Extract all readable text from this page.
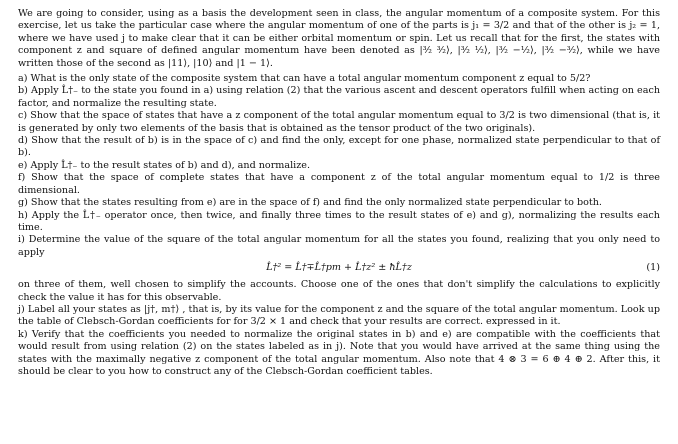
We are going to consider, using as a basis the development seen in class, the angular momentum of a composite system. For this exercise, let us take the particular case where the angular momentum of one of the parts is j₁ = 3/2 and that of the other is j₂ = 1, where we have used j to make clear that it can be either orbital momentum or spin. Let us recall that for the first, the states with component z and square of defined angular momentum have been denoted as |³⁄₂ ³⁄₂⟩, |³⁄₂ ¹⁄₂⟩, |³⁄₂ −¹⁄₂⟩, |³⁄₂ −³⁄₂⟩, while we have written those of the second as |11⟩, |10⟩ and |1 − 1⟩.

a) What is the only state of the composite system that can have a total angular momentum component z equal to 5/2?

b) Apply L̂†₋ to the state you found in a) using relation (2) that the various ascent and descent operators fulfill when acting on each factor, and normalize the resulting state.

c) Show that the space of states that have a z component of the total angular momentum equal to 3/2 is two dimensional (that is, it is generated by only two elements of the basis that is obtained as the tensor product of the two originals).

d) Show that the result of b) is in the space of c) and find the only, except for one phase, normalized state perpendicular to that of b).

e) Apply L̂†₋ to the result states of b) and d), and normalize.

f) Show that the space of complete states that have a component z of the total angular momentum equal to 1/2 is three dimensional.

g) Show that the states resulting from e) are in the space of f) and find the only normalized state perpendicular to both.

h) Apply the L̂†₋ operator once, then twice, and finally three times to the result states of e) and g), normalizing the results each time.

i) Determine the value of the square of the total angular momentum for all the states you found, realizing that you only need to apply

L̂†² = L̂†∓L̂†pm + L̂†z² ± ħL̂†z	(1)

on three of them, well chosen to simplify the accounts. Choose one of the ones that don't simplify the calculations to explicitly check the value it has for this observable.

j) Label all your states as |j†, m†⟩ , that is, by its value for the component z and the square of the total angular momentum. Look up the table of Clebsch-Gordan coefficients for for 3/2 × 1 and check that your results are correct. expressed in it.

k) Verify that the coefficients you needed to normalize the original states in b) and e) are compatible with the coefficients that would result from using relation (2) on the states labeled as in j). Note that you would have arrived at the same thing using the states with the maximally negative z component of the total angular momentum. Also note that 4 ⊗ 3 = 6 ⊕ 4 ⊕ 2. After this, it should be clear to you how to construct any of the Clebsch-Gordan coefficient tables.
